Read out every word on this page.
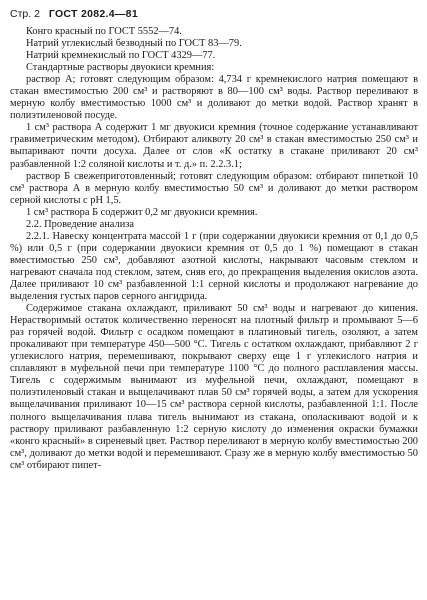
Стр. 2 ГОСТ 2082.4—81

Конго красный по ГОСТ 5552—74.

Натрий углекислый безводный по ГОСТ 83—79.

Натрий кремнекислый по ГОСТ 4329—77.

Стандартные растворы двуокиси кремния:

раствор А; готовят следующим образом: 4,734 г кремнекислого натрия помещают в стакан вместимостью 200 см³ и растворяют в 80—100 см³ воды. Раствор переливают в мерную колбу вместимостью 1000 см³ и доливают до метки водой. Раствор хранят в полиэтиленовой посуде.

1 см³ раствора А содержит 1 мг двуокиси кремния (точное содержание устанавливают гравиметрическим методом). Отбирают аликвоту 20 см³ в стакан вместимостью 250 см³ и выпаривают почти досуха. Далее от слов «К остатку в стакане приливают 20 см³ разбавленной 1:2 соляной кислоты и т. д.» п. 2.2.3.1;

раствор Б свежеприготовленный; готовят следующим образом: отбирают пипеткой 10 см³ раствора А в мерную колбу вместимостью 50 см³ и доливают до метки раствором серной кислоты с pH 1,5.

1 см³ раствора Б содержит 0,2 мг двуокиси кремния.

2.2. Проведение анализа

2.2.1. Навеску концентрата массой 1 г (при содержании двуокиси кремния от 0,1 до 0,5 %) или 0,5 г (при содержании двуокиси кремния от 0,5 до 1 %) помещают в стакан вместимостью 250 см³, добавляют азотной кислоты, накрывают часовым стеклом и нагревают сначала под стеклом, затем, сняв его, до прекращения выделения окислов азота. Далее приливают 10 см³ разбавленной 1:1 серной кислоты и продолжают нагревание до выделения густых паров серного ангидрида.

Содержимое стакана охлаждают, приливают 50 см³ воды и нагревают до кипения. Нерастворимый остаток количественно переносят на плотный фильтр и промывают 5—6 раз горячей водой. Фильтр с осадком помещают в платиновый тигель, озоляют, а затем прокаливают при температуре 450—500 °С. Тигель с остатком охлаждают, прибавляют 2 г углекислого натрия, перемешивают, покрывают сверху еще 1 г углекислого натрия и сплавляют в муфельной печи при температуре 1100 °С до полного расплавления массы. Тигель с содержимым вынимают из муфельной печи, охлаждают, помещают в полиэтиленовый стакан и выщелачивают плав 50 см³ горячей воды, а затем для ускорения выщелачивания приливают 10—15 см³ раствора серной кислоты, разбавленной 1:1. После полного выщелачивания плава тигель вынимают из стакана, ополаскивают водой и к раствору приливают разбавленную 1:2 серную кислоту до изменения окраски бумажки «конго красный» в сиреневый цвет. Раствор переливают в мерную колбу вместимостью 200 см³, доливают до метки водой и перемешивают. Сразу же в мерную колбу вместимостью 50 см³ отбирают пипет-
